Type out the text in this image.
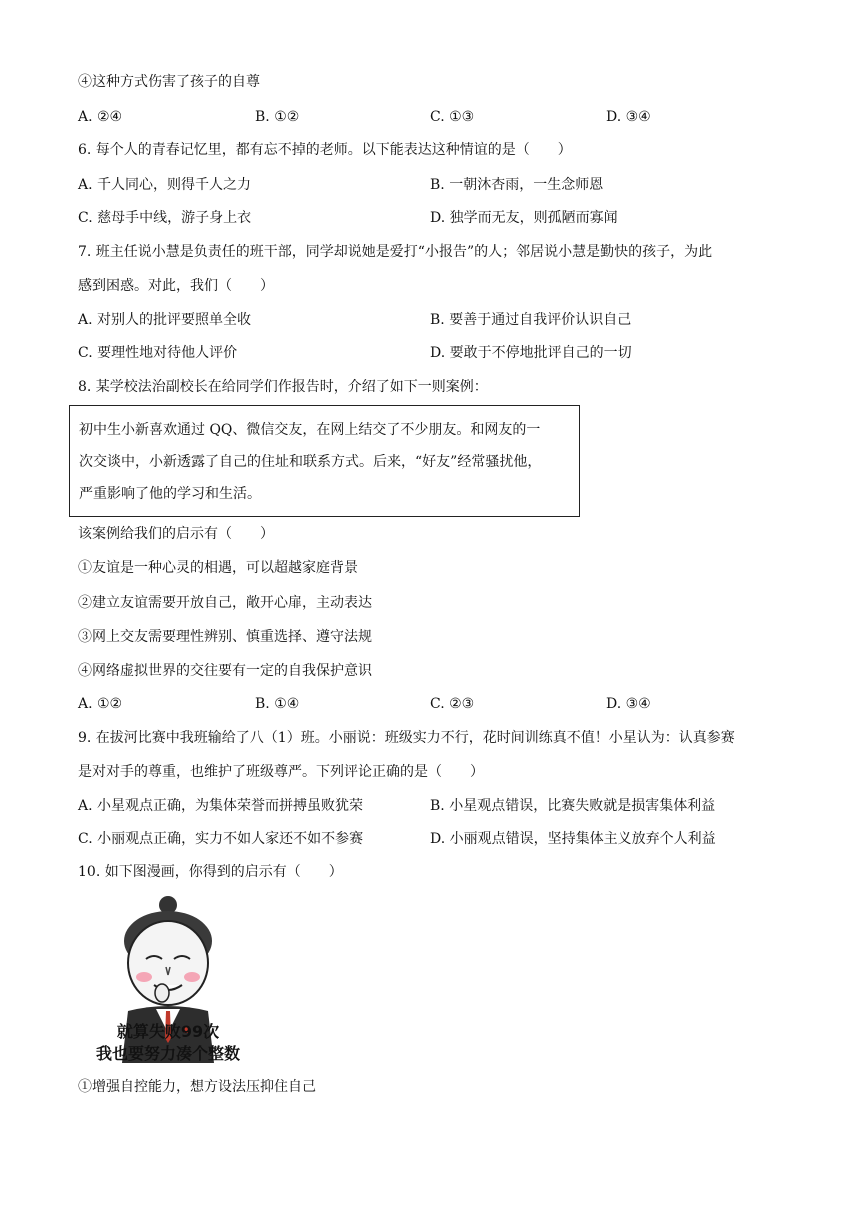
④这种方式伤害了孩子的自尊
A. ②④	B. ①②	C. ①③	D. ③④
6. 每个人的青春记忆里，都有忘不掉的老师。以下能表达这种情谊的是（　　）
A. 千人同心，则得千人之力	B. 一朝沐杏雨，一生念师恩
C. 慈母手中线，游子身上衣	D. 独学而无友，则孤陋而寡闻
7. 班主任说小慧是负责任的班干部，同学却说她是爱打“小报告”的人；邻居说小慧是勤快的孩子，为此
感到困惑。对此，我们（　　）
A. 对别人的批评要照单全收	B. 要善于通过自我评价认识自己
C. 要理性地对待他人评价	D. 要敢于不停地批评自己的一切
8. 某学校法治副校长在给同学们作报告时，介绍了如下一则案例：
初中生小新喜欢通过 QQ、微信交友，在网上结交了不少朋友。和网友的一
次交谈中，小新透露了自己的住址和联系方式。后来，“好友”经常骚扰他，
严重影响了他的学习和生活。
该案例给我们的启示有（　　）
①友谊是一种心灵的相遇，可以超越家庭背景
②建立友谊需要开放自己，敞开心扉，主动表达
③网上交友需要理性辨别、慎重选择、遵守法规
④网络虚拟世界的交往要有一定的自我保护意识
A. ①②	B. ①④	C. ②③	D. ③④
9. 在拔河比赛中我班输给了八（1）班。小丽说：班级实力不行，花时间训练真不值！小星认为：认真参赛
是对对手的尊重，也维护了班级尊严。下列评论正确的是（　　）
A. 小星观点正确，为集体荣誉而拼搏虽败犹荣	B. 小星观点错误，比赛失败就是损害集体利益
C. 小丽观点正确，实力不如人家还不如不参赛	D. 小丽观点错误，坚持集体主义放弃个人利益
10. 如下图漫画，你得到的启示有（　　）
就算失败99次
我也要努力凑个整数
①增强自控能力，想方设法压抑住自己
